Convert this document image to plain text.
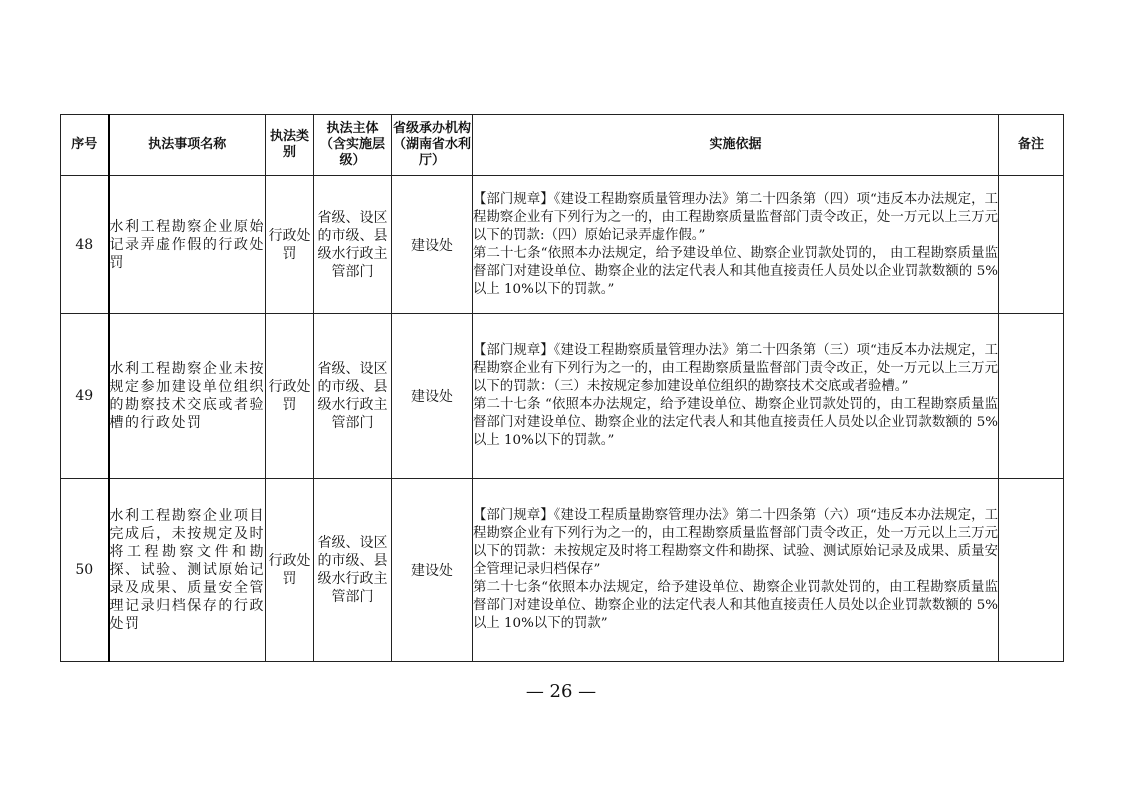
序号	执法事项名称	执法类别	执法主体（含实施层级）	省级承办机构（湖南省水利厅）	实施依据	备注
48	水利工程勘察企业原始记录弄虚作假的行政处罚	行政处罚	省级、设区的市级、县级水行政主管部门	建设处	【部门规章】《建设工程勘察质量管理办法》第二十四条第（四）项“违反本办法规定，工程勘察企业有下列行为之一的，由工程勘察质量监督部门责令改正，处一万元以上三万元以下的罚款:（四）原始记录弄虚作假。”
第二十七条“依照本办法规定，给予建设单位、勘察企业罚款处罚的， 由工程勘察质量监督部门对建设单位、勘察企业的法定代表人和其他直接责任人员处以企业罚款数额的 5%以上 10%以下的罚款。”	

49	水利工程勘察企业未按规定参加建设单位组织的勘察技术交底或者验槽的行政处罚	行政处罚	省级、设区的市级、县级水行政主管部门	建设处	【部门规章】《建设工程勘察质量管理办法》第二十四条第（三）项“违反本办法规定，工程勘察企业有下列行为之一的，由工程勘察质量监督部门责令改正，处一万元以上三万元以下的罚款：（三）未按规定参加建设单位组织的勘察技术交底或者验槽。”
第二十七条 “依照本办法规定，给予建设单位、勘察企业罚款处罚的，由工程勘察质量监督部门对建设单位、勘察企业的法定代表人和其他直接责任人员处以企业罚款数额的 5%以上 10%以下的罚款。”	

50	水利工程勘察企业项目完成后，未按规定及时将工程勘察文件和勘探、试验、测试原始记录及成果、质量安全管理记录归档保存的行政处罚	行政处罚	省级、设区的市级、县级水行政主管部门	建设处	【部门规章】《建设工程质量勘察管理办法》第二十四条第（六）项“违反本办法规定，工程勘察企业有下列行为之一的，由工程勘察质量监督部门责令改正，处一万元以上三万元以下的罚款：未按规定及时将工程勘察文件和勘探、试验、测试原始记录及成果、质量安全管理记录归档保存”
第二十七条“依照本办法规定，给予建设单位、勘察企业罚款处罚的，由工程勘察质量监督部门对建设单位、勘察企业的法定代表人和其他直接责任人员处以企业罚款数额的 5%以上 10%以下的罚款”	

— 26 —
